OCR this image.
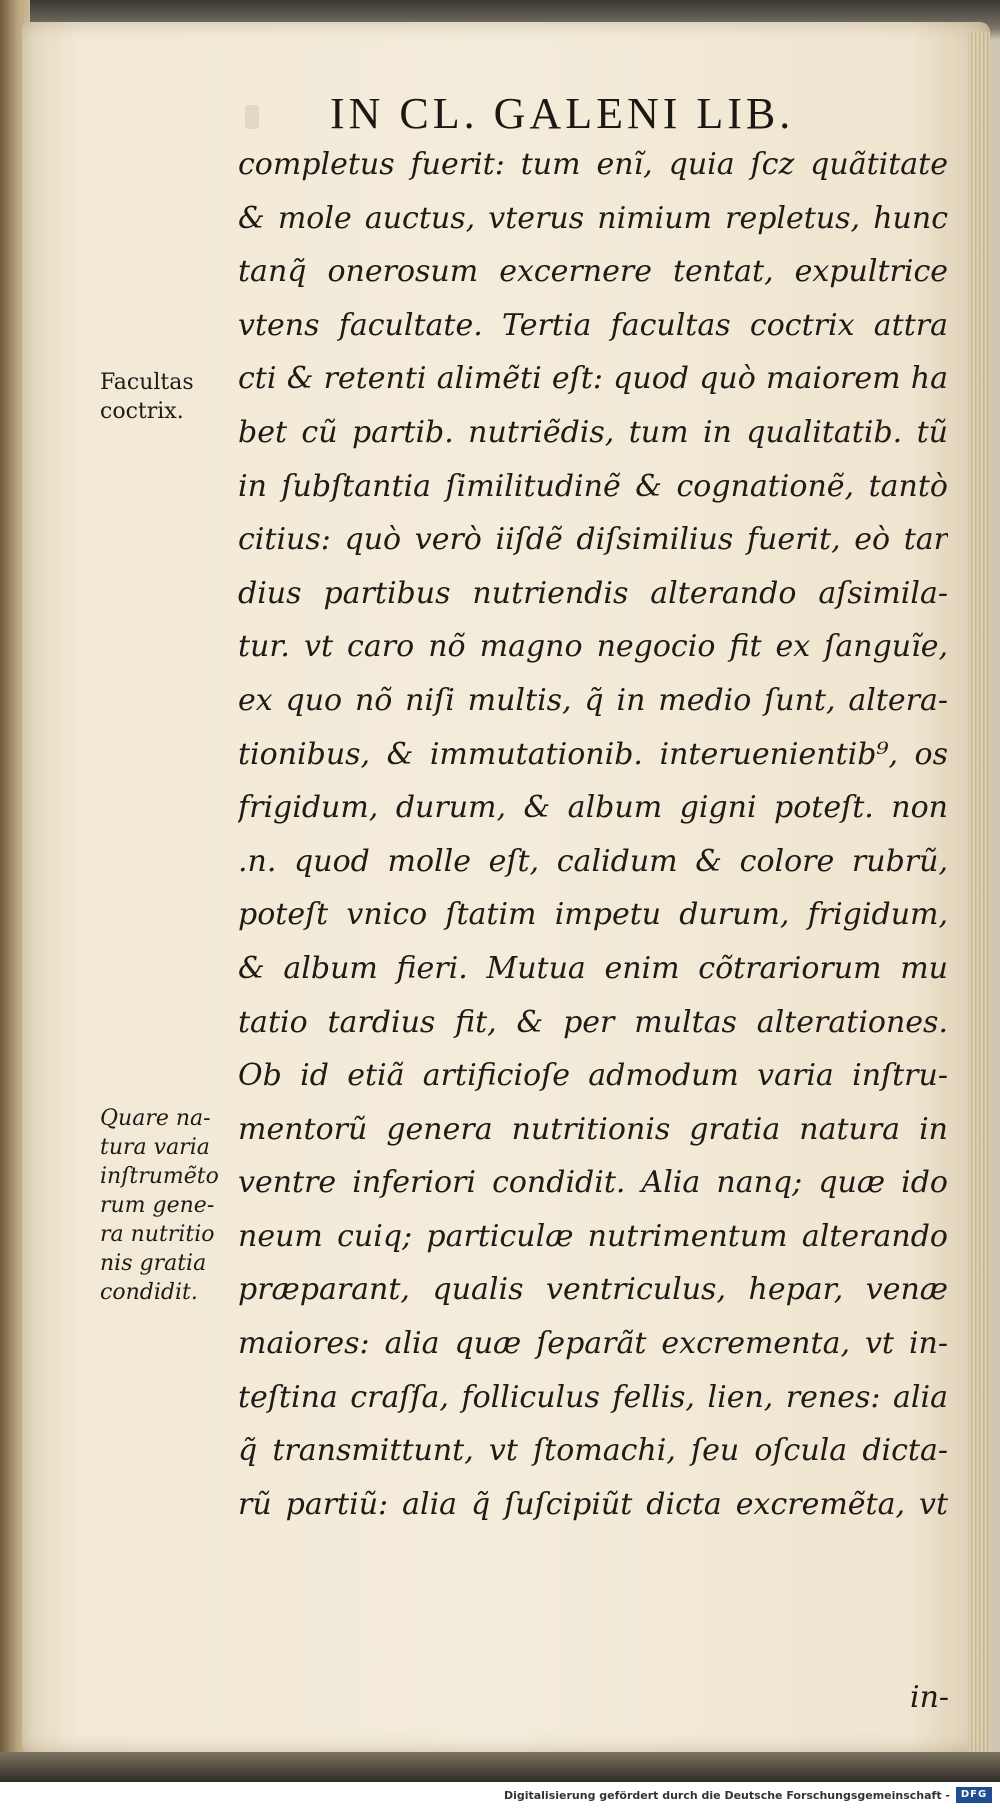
IN CL. GALENI LIB.
Facultas
coctrix.
Quare na-
tura varia
inſtrumẽto
rum gene-
ra nutritio
nis gratia
condidit.
completus fuerit: tum enĩ, quia ſcz quãtitate
& mole auctus, vterus nimium repletus, hunc
tanq̃ onerosum excernere tentat, expultrice
vtens facultate. Tertia facultas coctrix attra
cti & retenti alimẽti eſt: quod quò maiorem ha
bet cũ partib. nutriẽdis, tum in qualitatib. tũ
in ſubſtantia ſimilitudinẽ & cognationẽ, tantò
citius: quò verò iiſdẽ diſsimilius fuerit, eò tar
dius partibus nutriendis alterando aſsimila-
tur. vt caro nõ magno negocio fit ex ſanguĩe,
ex quo nõ niſi multis, q̃ in medio ſunt, altera-
tionibus, & immutationib. interuenientib⁹, os
frigidum, durum, & album gigni poteſt. non
.n. quod molle eſt, calidum & colore rubrũ,
poteſt vnico ſtatim impetu durum, frigidum,
& album fieri. Mutua enim cõtrariorum mu
tatio tardius fit, & per multas alterationes.
Ob id etiã artificioſe admodum varia inſtru-
mentorũ genera nutritionis gratia natura in
ventre inferiori condidit. Alia nanq; quæ ido
neum cuiq; particulæ nutrimentum alterando
præparant, qualis ventriculus, hepar, venæ
maiores: alia quæ ſeparãt excrementa, vt in-
teſtina craſſa, folliculus fellis, lien, renes: alia
q̃ transmittunt, vt ſtomachi, ſeu oſcula dicta-
rũ partiũ: alia q̃ ſuſcipiũt dicta excremẽta, vt
in-
Digitalisierung gefördert durch die Deutsche Forschungsgemeinschaft -	DFG
